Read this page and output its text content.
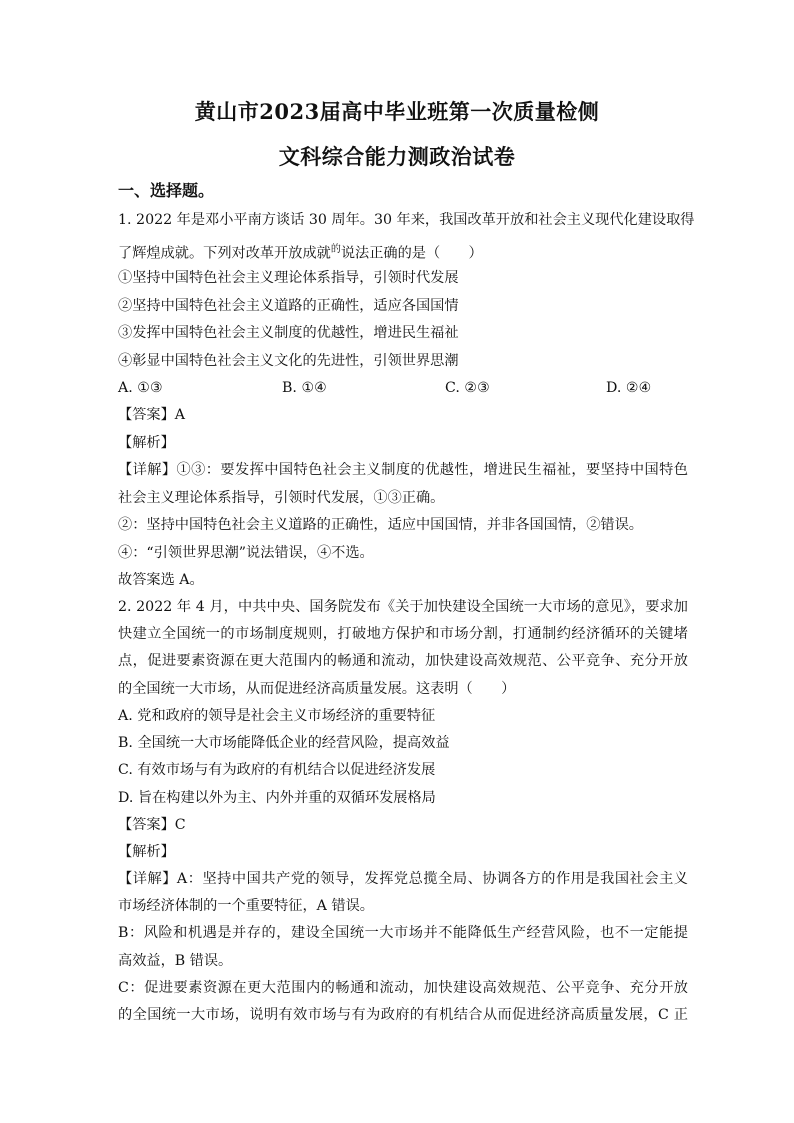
黄山市2023届高中毕业班第一次质量检侧
文科综合能力测政治试卷
一、选择题。
1. 2022 年是邓小平南方谈话 30 周年。30 年来，我国改革开放和社会主义现代化建设取得
了辉煌成就。下列对改革开放成就$^的$说法正确的是（　　）
①坚持中国特色社会主义理论体系指导，引领时代发展
②坚持中国特色社会主义道路的正确性，适应各国国情
③发挥中国特色社会主义制度的优越性，增进民生福祉
④彰显中国特色社会主义文化的先进性，引领世界思潮
A. ①③	B. ①④	C. ②③	D. ②④
【答案】A
【解析】
【详解】①③：要发挥中国特色社会主义制度的优越性，增进民生福祉，要坚持中国特色
社会主义理论体系指导，引领时代发展，①③正确。
②：坚持中国特色社会主义道路的正确性，适应中国国情，并非各国国情，②错误。
④：“引领世界思潮”说法错误，④不选。
故答案选 A。
2. 2022 年 4 月，中共中央、国务院发布《关于加快建设全国统一大市场的意见》，要求加
快建立全国统一的市场制度规则，打破地方保护和市场分割，打通制约经济循环的关键堵
点，促进要素资源在更大范围内的畅通和流动，加快建设高效规范、公平竞争、充分开放
的全国统一大市场，从而促进经济高质量发展。这表明（　　）
A. 党和政府的领导是社会主义市场经济的重要特征
B. 全国统一大市场能降低企业的经营风险，提高效益
C. 有效市场与有为政府的有机结合以促进经济发展
D. 旨在构建以外为主、内外并重的双循环发展格局
【答案】C
【解析】
【详解】A：坚持中国共产党的领导，发挥党总揽全局、协调各方的作用是我国社会主义
市场经济体制的一个重要特征，A 错误。
B：风险和机遇是并存的，建设全国统一大市场并不能降低生产经营风险，也不一定能提
高效益，B 错误。
C：促进要素资源在更大范围内的畅通和流动，加快建设高效规范、公平竞争、充分开放
的全国统一大市场，说明有效市场与有为政府的有机结合从而促进经济高质量发展，C 正
